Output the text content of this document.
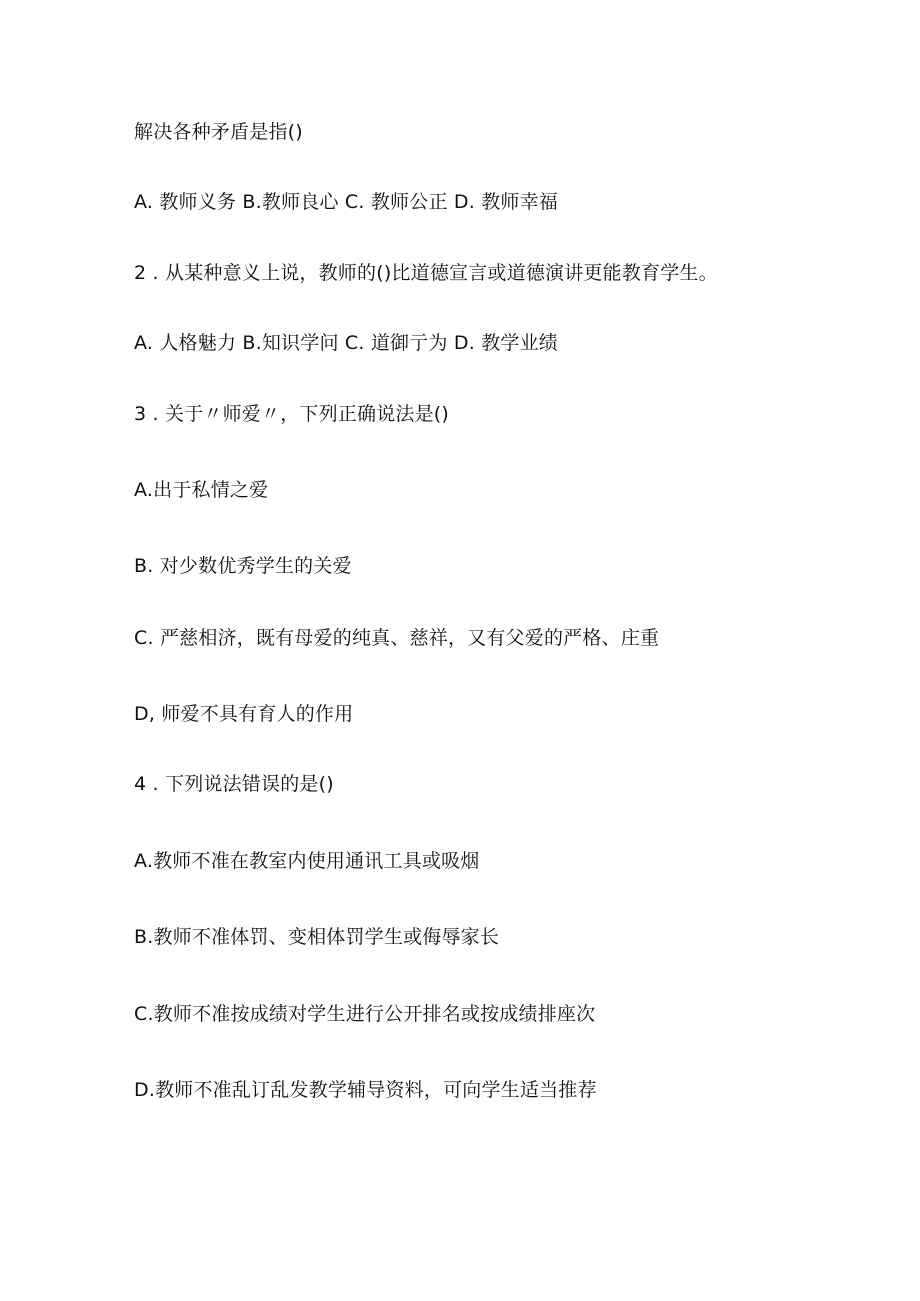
解决各种矛盾是指()
A. 教师义务 B.教师良心 C. 教师公正 D. 教师幸福
2 . 从某种意义上说，教师的()比道德宣言或道德演讲更能教育学生。
A. 人格魅力 B.知识学问 C. 道御亍为 D. 教学业绩
3 . 关于〃师爱〃，下列正确说法是()
A.出于私情之爱
B. 对少数优秀学生的关爱
C. 严慈相济，既有母爱的纯真、慈祥，又有父爱的严格、庄重
D, 师爱不具有育人的作用
4 . 下列说法错误的是()
A.教师不准在教室内使用通讯工具或吸烟
B.教师不准体罚、变相体罚学生或侮辱家长
C.教师不准按成绩对学生进行公开排名或按成绩排座次
D.教师不准乱订乱发教学辅导资料，可向学生适当推荐
